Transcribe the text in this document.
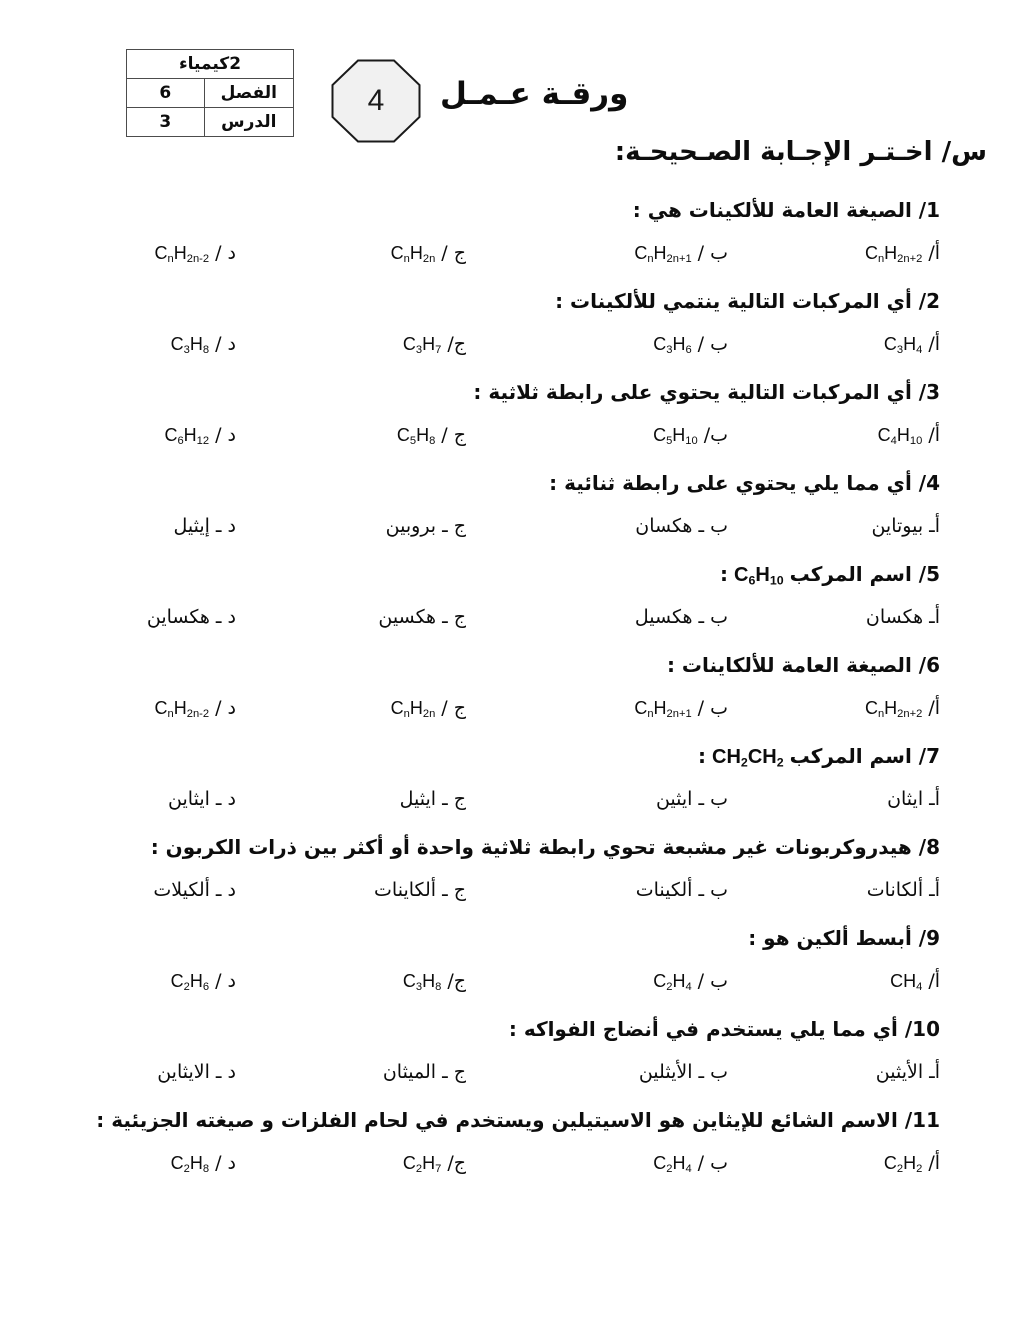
2كيمياء	
الفصل	6
الدرس	3
4	ورقـة عـمـل
س/ اخـتـر الإجـابة الصـحيحـة:
1/ الصيغة العامة للألكينات هي :
$أ/C_nH_{2n+2}$
ب $/C_nH_{2n+1}$
ج $/C_nH_{2n}$
د $/C_nH_{2n-2}$
2/ أي المركبات التالية ينتمي للألكينات :
$أ/C_3H_4$
ب $/C_3H_6$
$ج/C_3H_7$
د $/C_3H_8$
3/ أي المركبات التالية يحتوي على رابطة ثلاثية :
$أ/C_4H_{10}$
$ب/C_5H_{10}$
ج $/C_5H_8$
د $/C_6H_{12}$
4/ أي مما يلي يحتوي على رابطة ثنائية :
أـ بيوتاين
ب ـ هكسان
ج ـ بروبين
د ـ إيثيل
5/ اسم $المركبC_6H_{10}$:
أـ هكسان
ب ـ هكسيل
ج ـ هكسين
د ـ هكساين
6/ الصيغة العامة للألكاينات :
$أ/C_nH_{2n+2}$
ب $/C_nH_{2n+1}$
ج $/C_nH_{2n}$
د $/C_nH_{2n-2}$
7/ اسم $المركبCH_2CH_2$:
أـ ايثان
ب ـ ايثين
ج ـ ايثيل
د ـ ايثاين
8/ هيدروكربونات غير مشبعة تحوي رابطة ثلاثية واحدة أو أكثر بين ذرات الكربون :
أـ ألكانات
ب ـ ألكينات
ج ـ ألكاينات
د ـ ألكيلات
9/ أبسط ألكين هو :
$أ/CH_4$
ب $/C_2H_4$
$ج/C_3H_8$
د $/C_2H_6$
10/ أي مما يلي يستخدم في أنضاج الفواكه :
أـ الأيثين
ب ـ الأيثلين
ج ـ الميثان
د ـ الايثاين
11/ الاسم الشائع للإيثاين هو الاسيتيلين ويستخدم في لحام الفلزات و صيغته الجزيئية :
$أ/C_2H_2$
ب $/C_2H_4$
$ج/C_2H_7$
د $/C_2H_8$
